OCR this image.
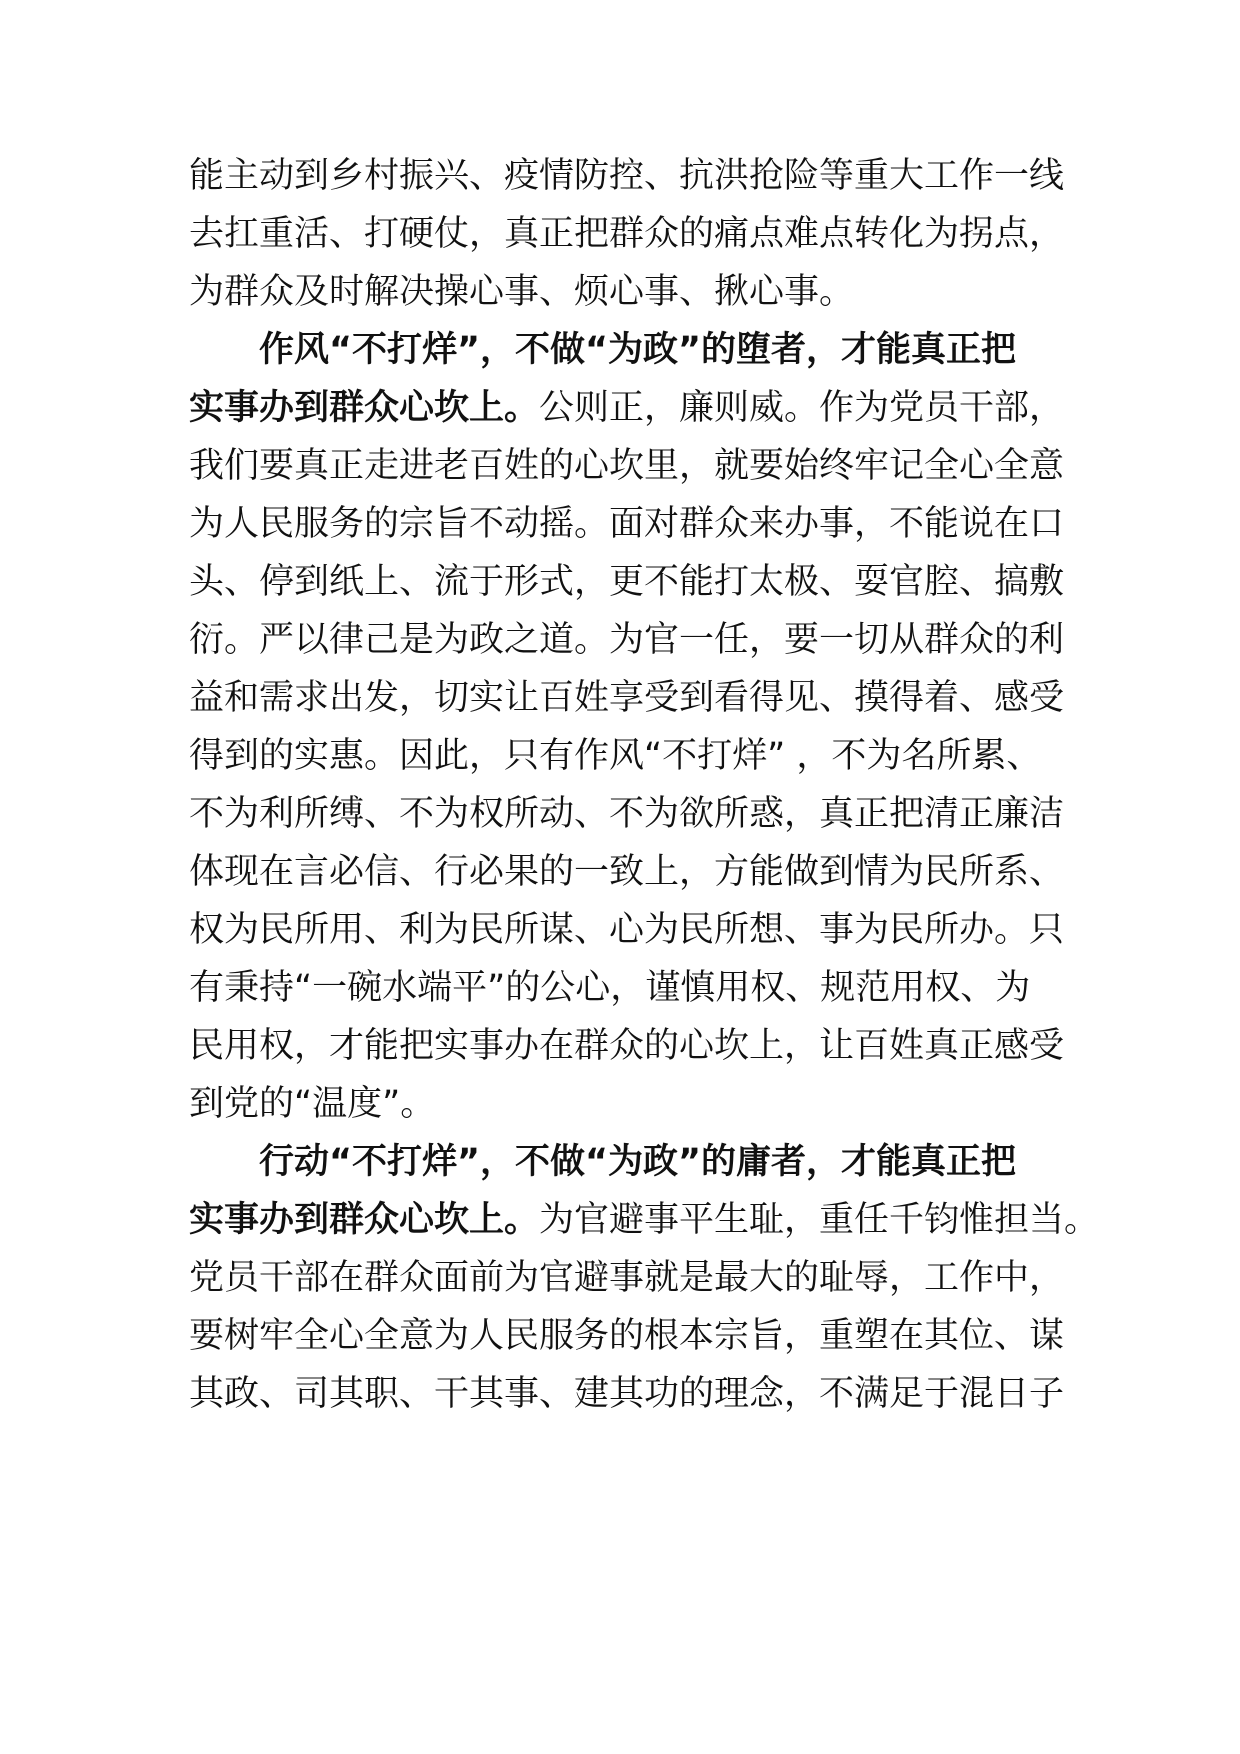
能主动到乡村振兴、疫情防控、抗洪抢险等重大工作一线
去扛重活、打硬仗，真正把群众的痛点难点转化为拐点，
为群众及时解决操心事、烦心事、揪心事。
作风“不打烊”，不做“为政”的堕者，才能真正把
实事办到群众心坎上。公则正，廉则威。作为党员干部，
我们要真正走进老百姓的心坎里，就要始终牢记全心全意
为人民服务的宗旨不动摇。面对群众来办事，不能说在口
头、停到纸上、流于形式，更不能打太极、耍官腔、搞敷
衍。严以律己是为政之道。为官一任，要一切从群众的利
益和需求出发，切实让百姓享受到看得见、摸得着、感受
得到的实惠。因此，只有作风“不打烊” ，不为名所累、
不为利所缚、不为权所动、不为欲所惑，真正把清正廉洁
体现在言必信、行必果的一致上，方能做到情为民所系、
权为民所用、利为民所谋、心为民所想、事为民所办。只
有秉持“一碗水端平”的公心，谨慎用权、规范用权、为
民用权，才能把实事办在群众的心坎上，让百姓真正感受
到党的“温度”。
行动“不打烊”，不做“为政”的庸者，才能真正把
实事办到群众心坎上。为官避事平生耻，重任千钧惟担当。
党员干部在群众面前为官避事就是最大的耻辱，工作中，
要树牢全心全意为人民服务的根本宗旨，重塑在其位、谋
其政、司其职、干其事、建其功的理念，不满足于混日子
